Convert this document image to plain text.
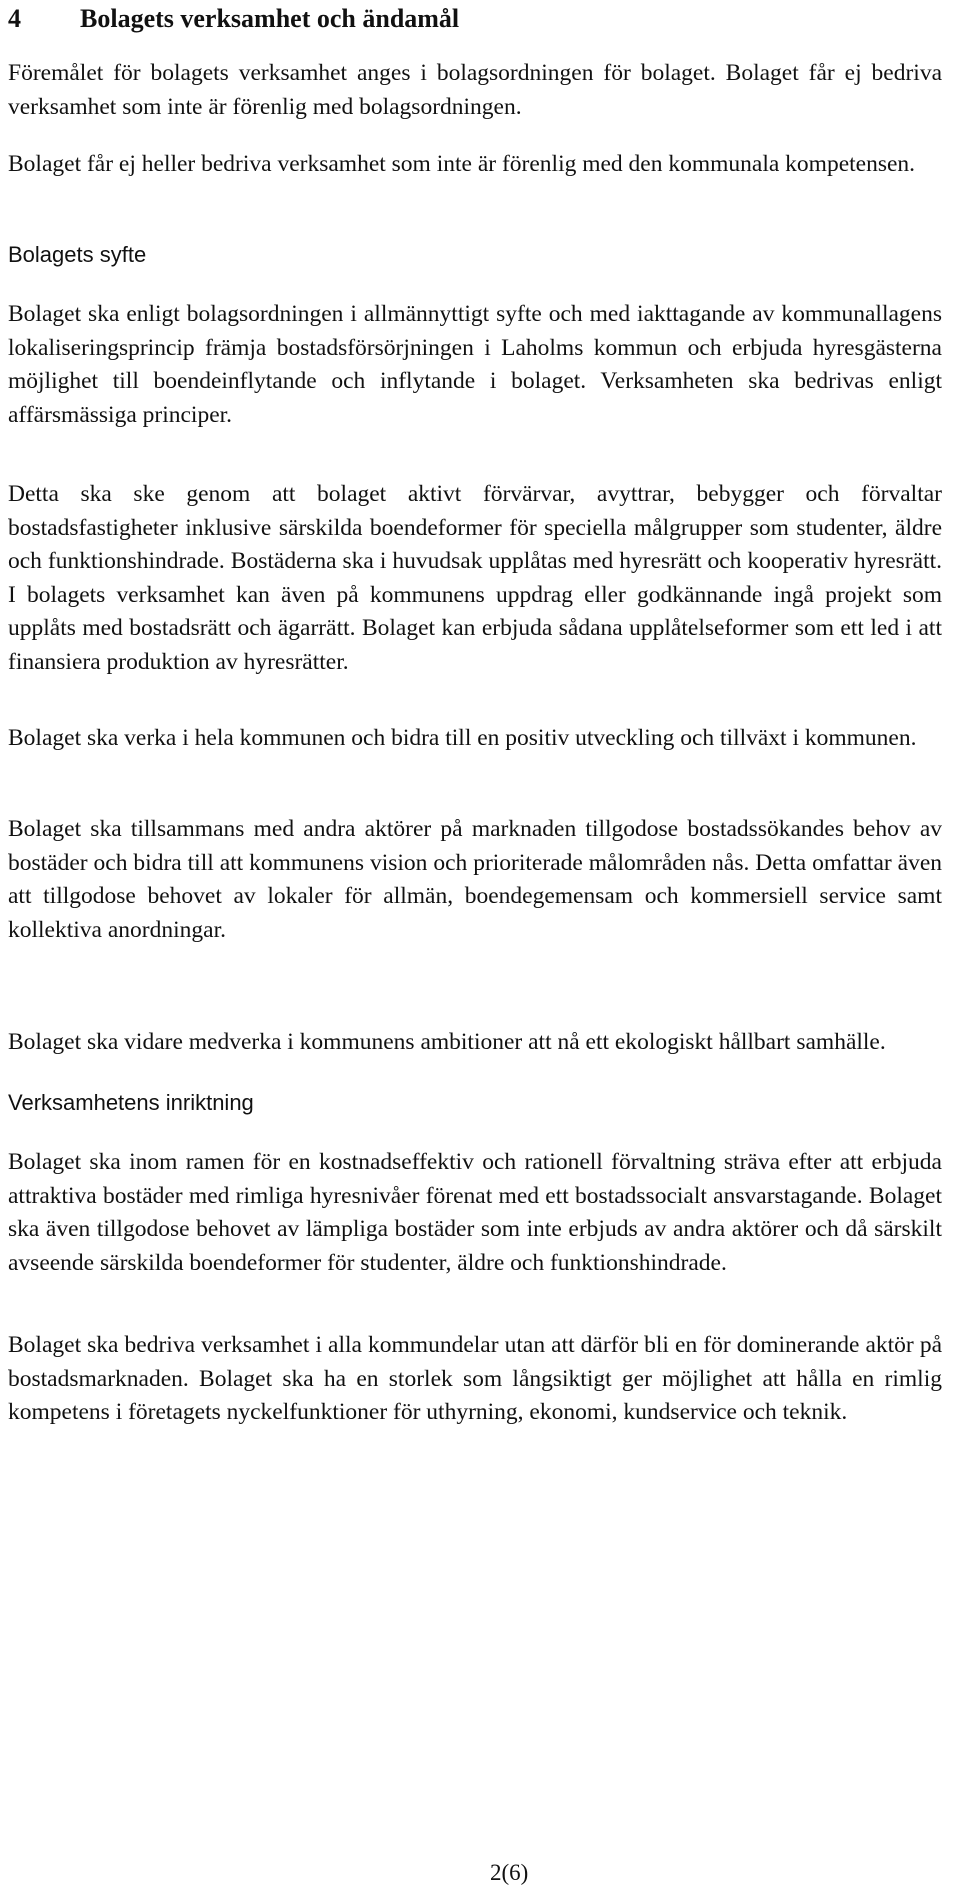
4 Bolagets verksamhet och ändamål

Föremålet för bolagets verksamhet anges i bolagsordningen för bolaget. Bolaget får ej bedriva verksamhet som inte är förenlig med bolagsordningen.

Bolaget får ej heller bedriva verksamhet som inte är förenlig med den kommunala kompetensen.

Bolagets syfte

Bolaget ska enligt bolagsordningen i allmännyttigt syfte och med iakttagande av kommunallagens lokaliseringsprincip främja bostadsförsörjningen i Laholms kommun och erbjuda hyresgästerna möjlighet till boendeinflytande och inflytande i bolaget. Verksamheten ska bedrivas enligt affärsmässiga principer.

Detta ska ske genom att bolaget aktivt förvärvar, avyttrar, bebygger och förvaltar bostadsfastigheter inklusive särskilda boendeformer för speciella målgrupper som studenter, äldre och funktionshindrade. Bostäderna ska i huvudsak upplåtas med hyresrätt och kooperativ hyresrätt. I bolagets verksamhet kan även på kommunens uppdrag eller godkännande ingå projekt som upplåts med bostadsrätt och ägarrätt. Bolaget kan erbjuda sådana upplåtelseformer som ett led i att finansiera produktion av hyresrätter.

Bolaget ska verka i hela kommunen och bidra till en positiv utveckling och tillväxt i kommunen.

Bolaget ska tillsammans med andra aktörer på marknaden tillgodose bostadssökandes behov av bostäder och bidra till att kommunens vision och prioriterade målområden nås. Detta omfattar även att tillgodose behovet av lokaler för allmän, boendegemensam och kommersiell service samt kollektiva anordningar.

Bolaget ska vidare medverka i kommunens ambitioner att nå ett ekologiskt hållbart samhälle.

Verksamhetens inriktning

Bolaget ska inom ramen för en kostnadseffektiv och rationell förvaltning sträva efter att erbjuda attraktiva bostäder med rimliga hyresnivåer förenat med ett bostadssocialt ansvarstagande. Bolaget ska även tillgodose behovet av lämpliga bostäder som inte erbjuds av andra aktörer och då särskilt avseende särskilda boendeformer för studenter, äldre och funktionshindrade.

Bolaget ska bedriva verksamhet i alla kommundelar utan att därför bli en för dominerande aktör på bostadsmarknaden. Bolaget ska ha en storlek som långsiktigt ger möjlighet att hålla en rimlig kompetens i företagets nyckelfunktioner för uthyrning, ekonomi, kundservice och teknik.

2(6)
